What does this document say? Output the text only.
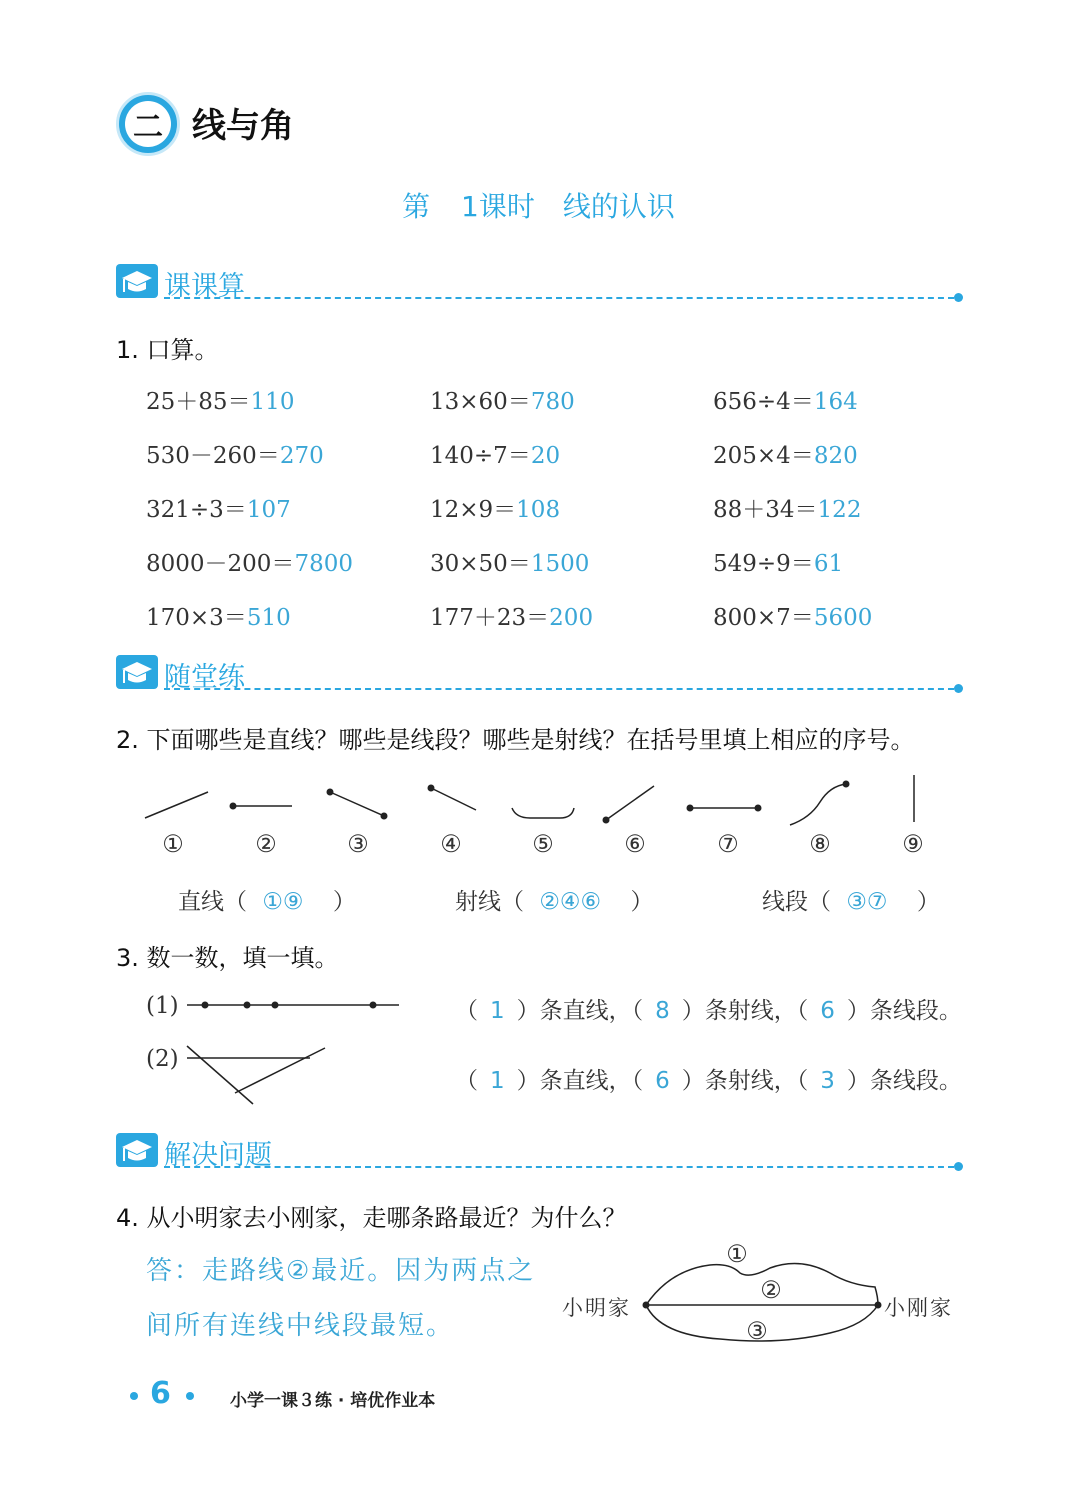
二 线与角
第 1课时　线的认识
课课算
1. 口算。
25＋85＝110	13×60＝780	656÷4＝164
530－260＝270	140÷7＝20	205×4＝820
321÷3＝107	12×9＝108	88＋34＝122
8000－200＝7800	30×50＝1500	549÷9＝61
170×3＝510	177＋23＝200	800×7＝5600
随堂练
2. 下面哪些是直线？哪些是线段？哪些是射线？在括号里填上相应的序号。
①	②	③	④	⑤	⑥	⑦	⑧	⑨
直线（ ①⑨ ）	射线（ ②④⑥ ）	线段（ ③⑦ ）
3. 数一数，填一填。
(1)
(2)
（ 1 ）条直线，（ 8 ）条射线，（ 6 ）条线段。
（ 1 ）条直线，（ 6 ）条射线，（ 3 ）条线段。
解决问题
4. 从小明家去小刚家，走哪条路最近？为什么？
答：走路线②最近。因为两点之
间所有连线中线段最短。
小明家	小刚家
①
②
③
6	小学一课３练 · 培优作业本
